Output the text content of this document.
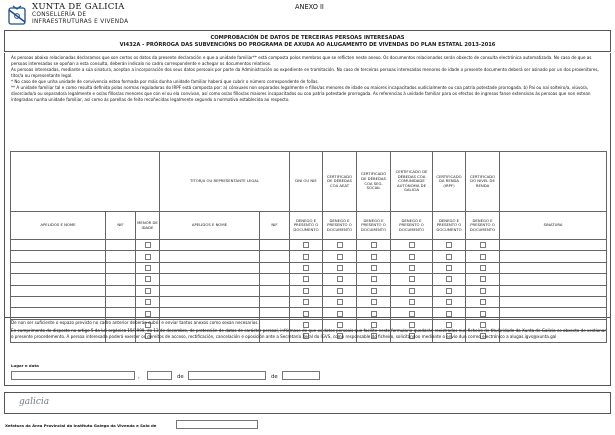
XUNTA DE GALICIA
CONSELLERÍA DE
INFRAESTRUTURAS E VIVENDA
ANEXO II
COMPROBACIÓN DE DATOS DE TERCEIRAS PERSOAS INTERESADAS
VI432A - PRÓRROGA DAS SUBVENCIÓNS DO PROGRAMA DE AXUDA AO ALUGAMENTO DE VIVENDAS DO PLAN ESTATAL 2013-2016

As persoas abaixo relacionadas declaramos que son certos os datos da presente declaración e que a unidade familiar** está composta polos membros que se reflicten neste anexo. Os documentos relacionados serán obxecto de consulta electrónica automatizada. No caso de que as persoas interesadas se opoñan a esta consulta, deberán indicalo no cadro correspondente e achegar os documentos relativos.

As persoas interesadas, mediante a súa sinatura, aceptan a incorporación dos seus datos persoais por parte da Administración ao expediente en tramitación. No caso de terceiras persoas interesadas menores de idade o presente documento deberá ser asinado por un dos proxenitores, titor/a ou representante legal.

* No caso de que unha unidade de convivencia estea formada por máis dunha unidade familiar haberá que cubrir o número correspondente de follas.

** A unidade familiar tal e como resulta definida polas normas reguladoras do IRPF está composta por: a) cónxuxes non separados legalmente e fillos/as menores de idade ou maiores incapacitados xudicialmente ou coa patria potestade prorrogada. b) Pai ou nai solteiro/a, viúvo/a, divorciado/a ou separado/a legalmente e os/as fillos/as menores que con el ou ela convivan, así como os/as fillos/as maiores incapacitados ou coa patria potestade prorrogada. As referencias á unidade familiar para os efectos de ingresos fanse extensivas ás persoas que non estean integradas nunha unidade familiar, así como ás parellas de feito recoñecidas legalmente segundo a normativa establecida ao respecto.

			TITOR/A OU REPRESENTANTE LEGAL		DNI OU NIE	CERTIFICADO DE DÉBEDAS COA AEAT	CERTIFICADO DE DÉBEDAS COA SEG. SOCIAL	CERTIFICADO DE DÉBEDAS COA COMUNIDADE AUTÓNOMA DE GALICIA	CERTIFICADO DA RENDA (IRPF)	CERTIFICADO DO NIVEL DE RENDA	
APELIDOS E NOME	NIF	MENOR DE IDADE	APELIDOS E NOME	NIF	DENEGO E PRESENTO O DOCUMENTO	DENEGO E PRESENTO O DOCUMENTO	DENEGO E PRESENTO O DOCUMENTO	DENEGO E PRESENTO O DOCUMENTO	DENEGO E PRESENTO O DOCUMENTO	DENEGO E PRESENTO O DOCUMENTO	SINATURA

De non ser suficiente o espazo previsto no cadro anterior deberán cubrir e enviar tantos anexos como sexan necesarios.
En cumprimento do disposto no artigo 5 da Lei orgánica 15/1999, do 13 de decembro, de protección de datos de carácter persoal, infórmase de que os datos persoais que facilite neste formulario quedarán rexistrados nun ficheiro de titularidade da Xunta de Galicia co obxecto de xestionar o presente procedemento. A persoa interesada poderá exercer os dereitos de acceso, rectificación, cancelación e oposición ante a Secretaría Xeral do IGVS, como responsable do ficheiro, solicitándoo mediante o envío dun correo electrónico a alugas.igvs@xunta.gal
Lugar e data
,	de	de
galicia
Xefatura da Área Provincial do Instituto Galego da Vivenda e Solo de
